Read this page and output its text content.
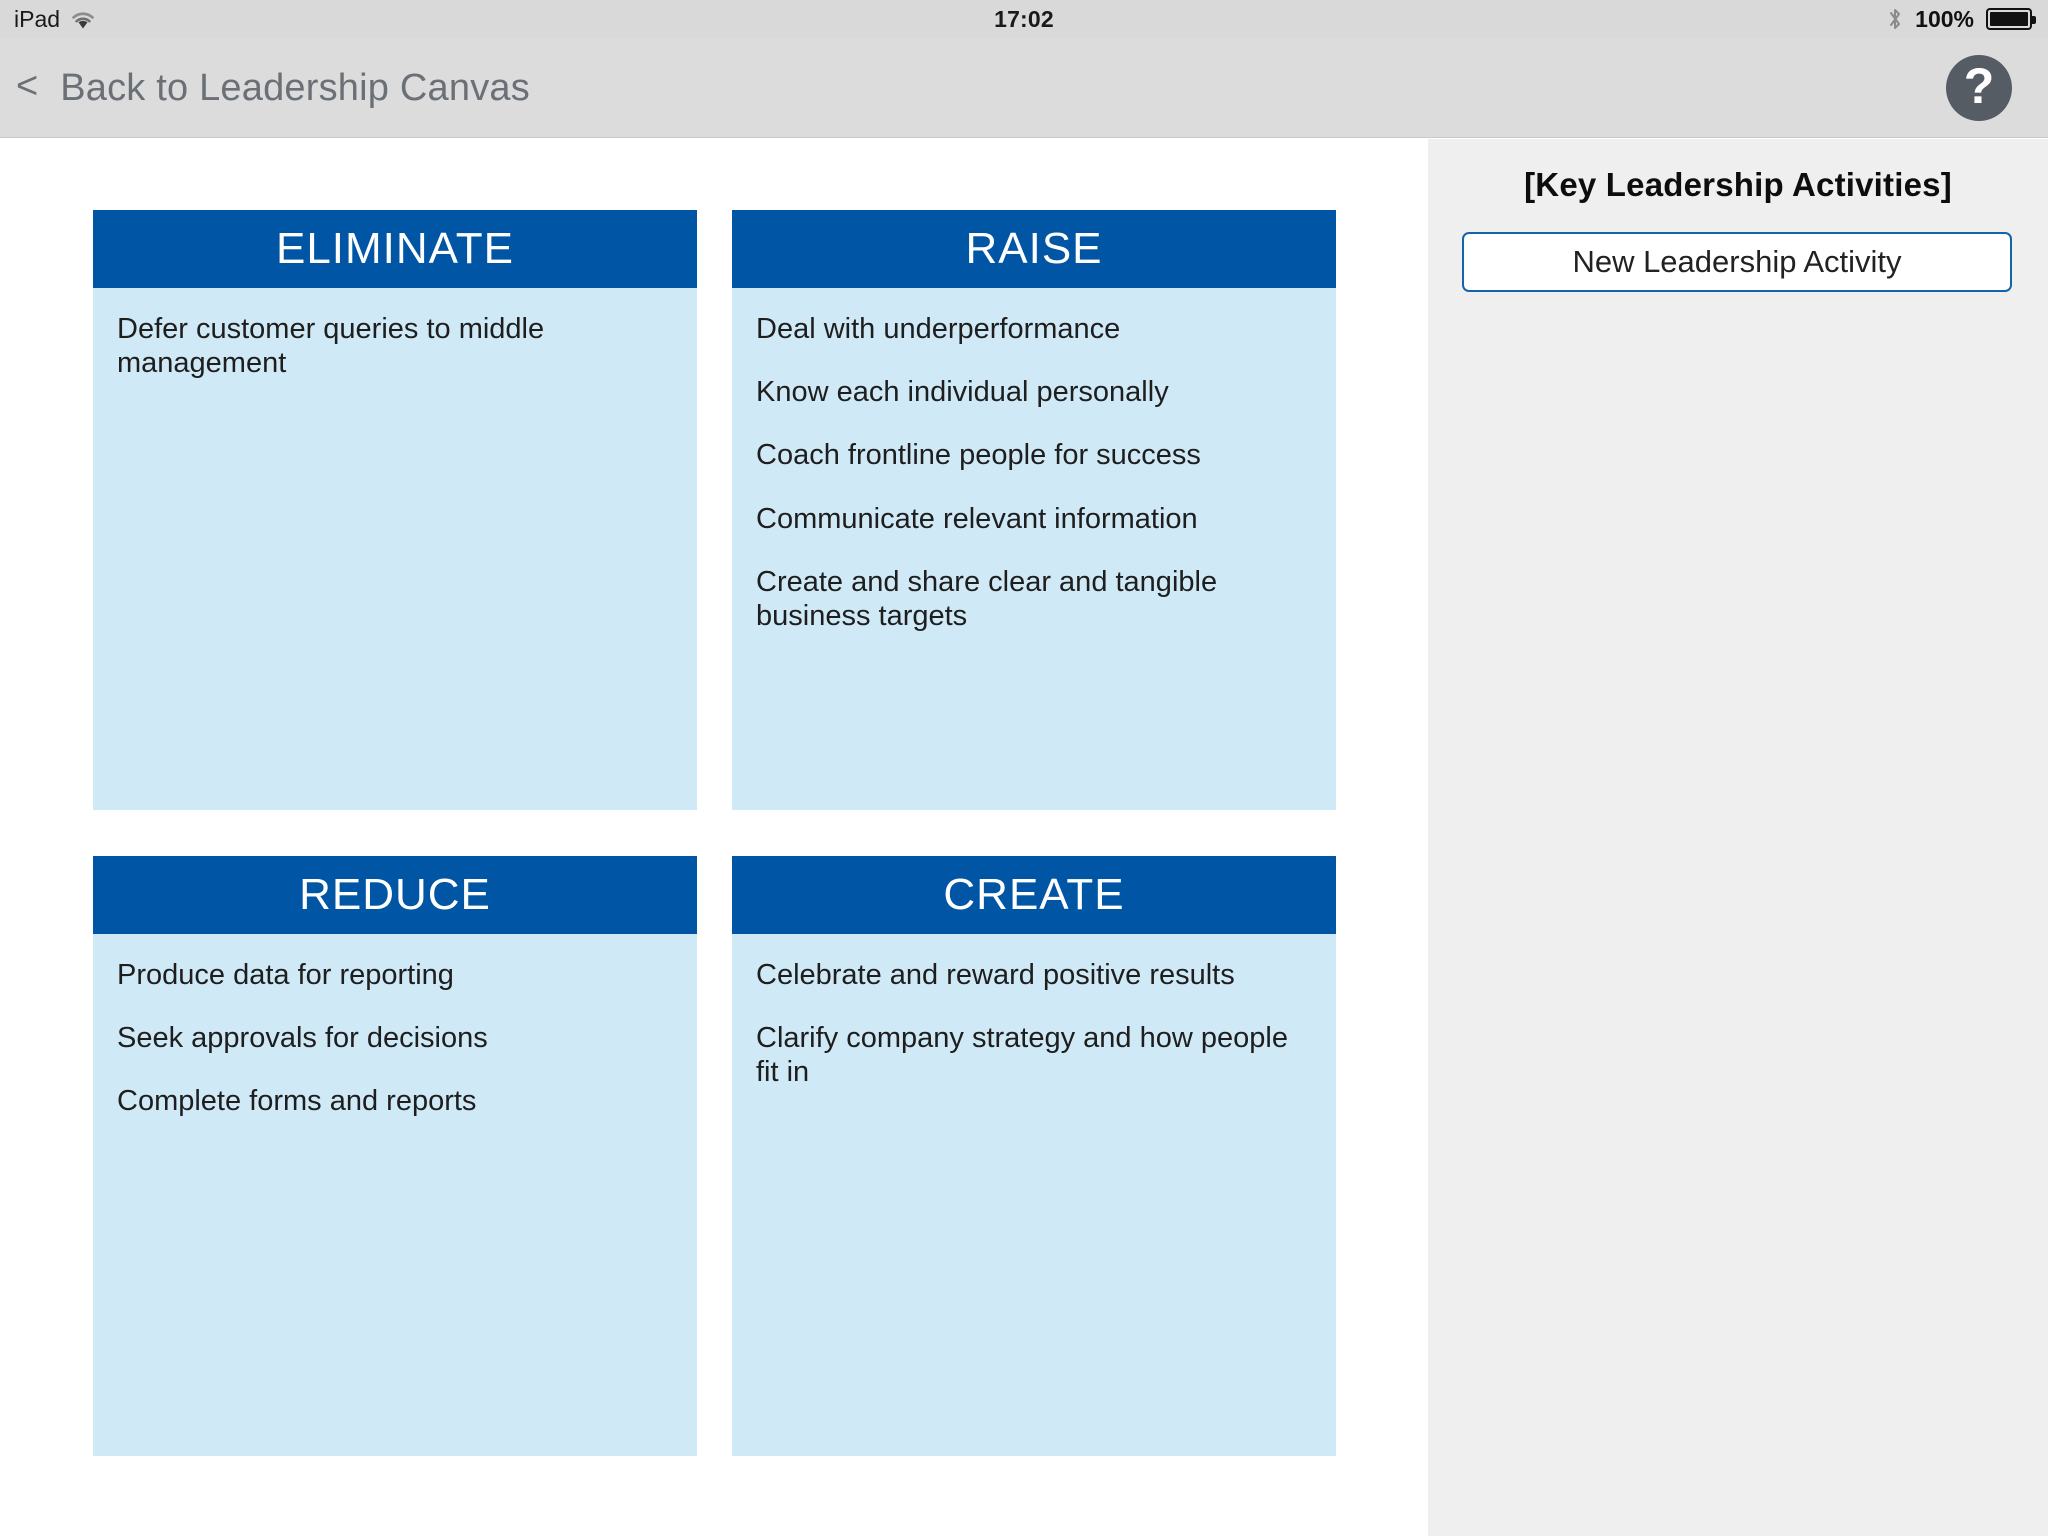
iPad	17:02	100%
< Back to Leadership Canvas	?
ELIMINATE
Defer customer queries to middle management
RAISE
Deal with underperformance
Know each individual personally
Coach frontline people for success
Communicate relevant information
Create and share clear and tangible business targets
REDUCE
Produce data for reporting
Seek approvals for decisions
Complete forms and reports
CREATE
Celebrate and reward positive results
Clarify company strategy and how people fit in
[Key Leadership Activities]
New Leadership Activity
